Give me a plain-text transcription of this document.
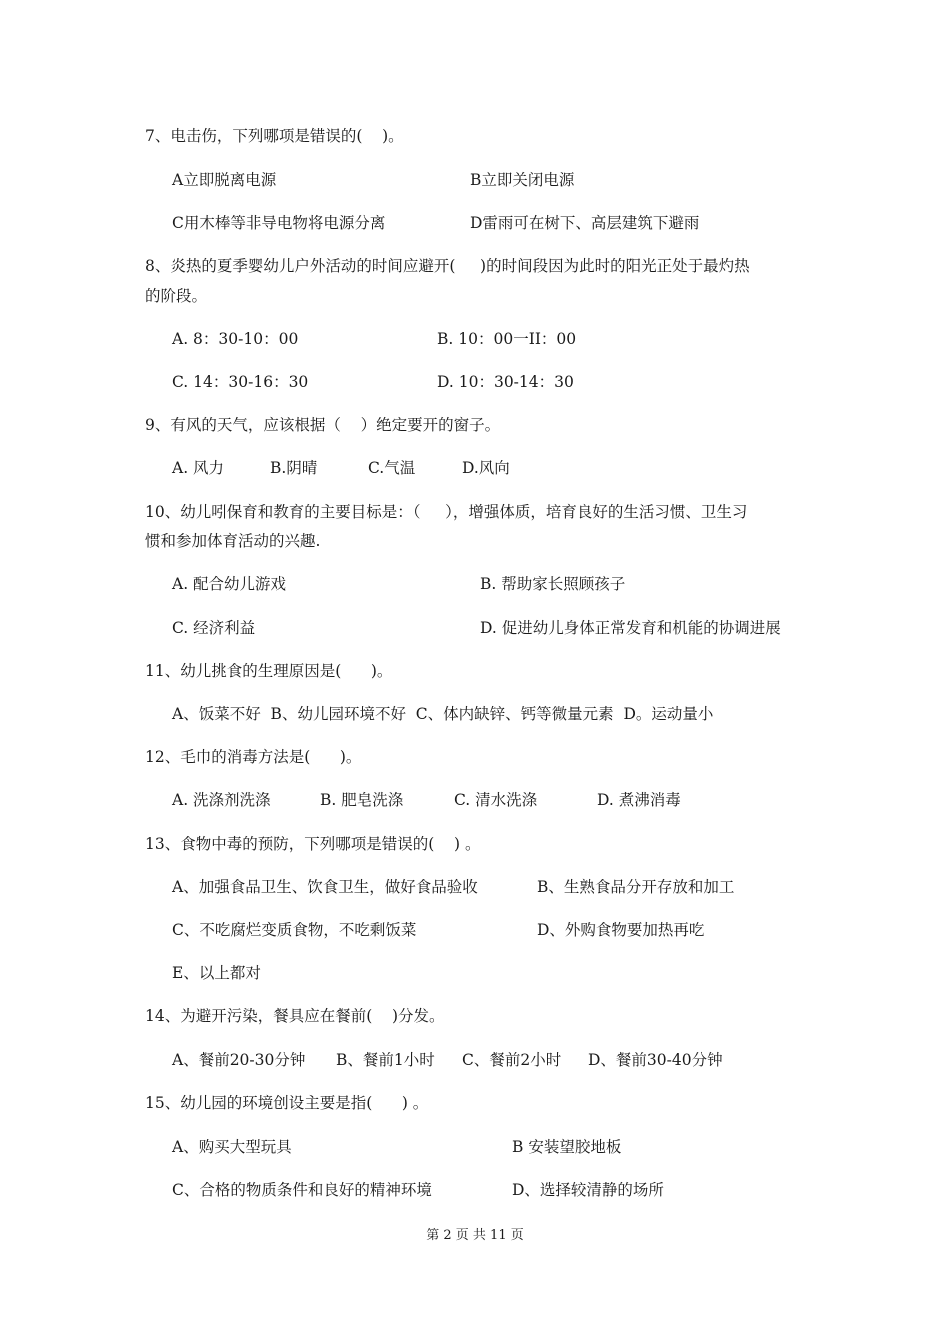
7、电击伤，下列哪项是错误的(    )。
A立即脱离电源	B立即关闭电源
C用木棒等非导电物将电源分离	D雷雨可在树下、高层建筑下避雨
8、炎热的夏季婴幼儿户外活动的时间应避开(     )的时间段因为此时的阳光正处于最灼热
的阶段。
A. 8：30-10：00	B. 10：00一II：00
C. 14：30-16：30	D. 10：30-14：30
9、有风的天气，应该根据（    ）绝定要开的窗子。
A. 风力	B.阴晴	C.气温	D.风向
10、幼儿吲保育和教育的主要目标是：（     ），增强体质，培育良好的生活习惯、卫生习
惯和参加体育活动的兴趣.
A. 配合幼儿游戏	B. 帮助家长照顾孩子
C. 经济利益	D. 促进幼儿身体正常发育和机能的协调进展
11、幼儿挑食的生理原因是(      )。
A、饭菜不好  B、幼儿园环境不好  C、体内缺锌、钙等微量元素  D。运动量小
12、毛巾的消毒方法是(      )。
A. 洗涤剂洗涤	B. 肥皂洗涤	C. 清水洗涤	D. 煮沸消毒
13、食物中毒的预防，下列哪项是错误的(    ) 。
A、加强食品卫生、饮食卫生，做好食品验收	B、生熟食品分开存放和加工
C、不吃腐烂变质食物，不吃剩饭菜	D、外购食物要加热再吃
E、以上都对
14、为避开污染，餐具应在餐前(    )分发。
A、餐前20-30分钟 B、餐前1小时 C、餐前2小时 D、餐前30-40分钟
15、幼儿园的环境创设主要是指(      ) 。
A、购买大型玩具	B 安装望胶地板
C、合格的物质条件和良好的精神环境	D、选择较清静的场所
第 2 页 共 11 页
